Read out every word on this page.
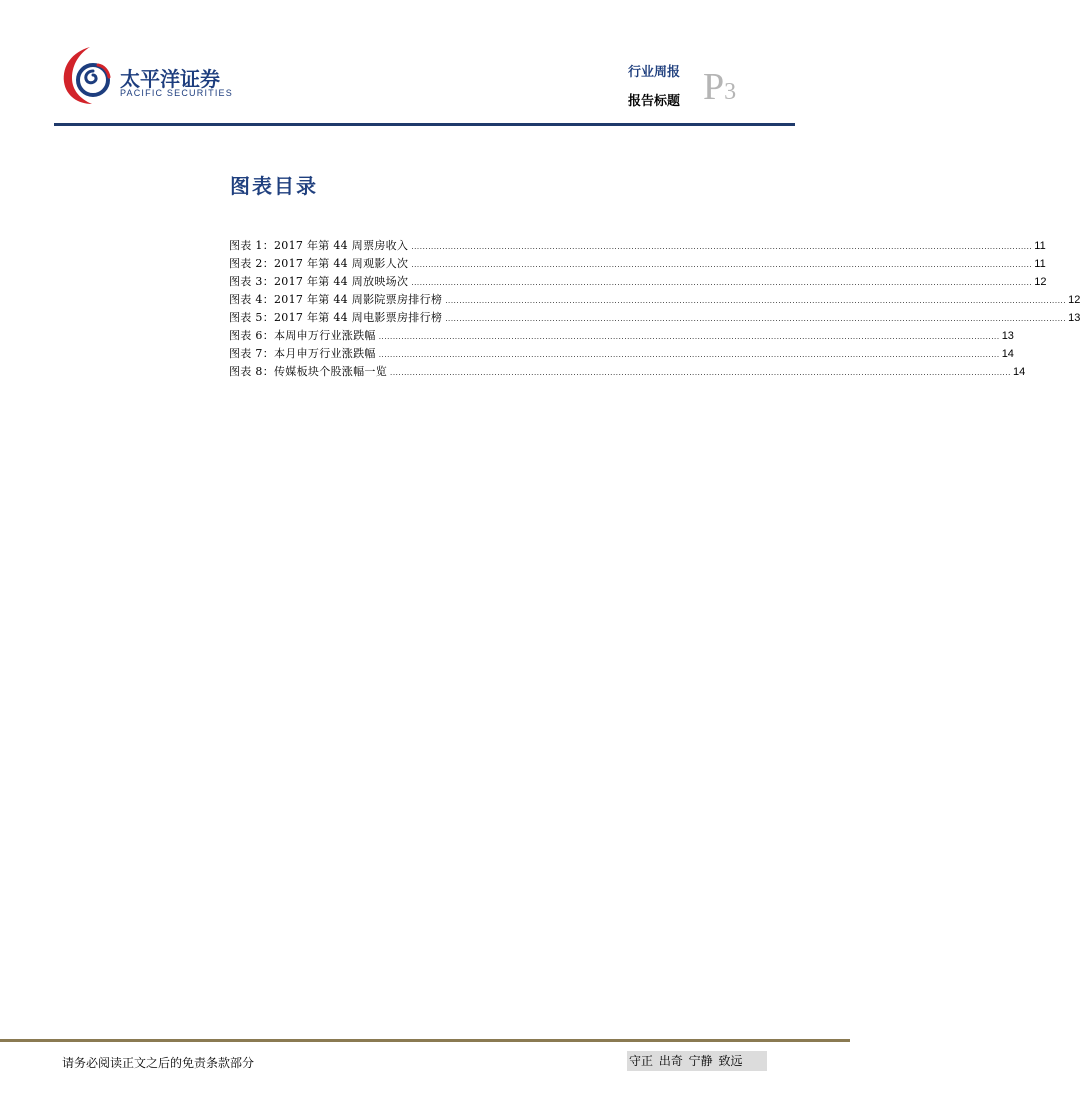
太平洋证券
PACIFIC SECURITIES
行业周报
报告标题 P3
图表目录
图表 1：2017 年第 44 周票房收入 ............................................................................................................................................................................................................................ 11
图表 2：2017 年第 44 周观影人次 ............................................................................................................................................................................................................................ 11
图表 3：2017 年第 44 周放映场次 ............................................................................................................................................................................................................................ 12
图表 4：2017 年第 44 周影院票房排行榜 ............................................................................................................................................................................................................................ 12
图表 5：2017 年第 44 周电影票房排行榜 ............................................................................................................................................................................................................................ 13
图表 6：本周申万行业涨跌幅 ............................................................................................................................................................................................................................ 13
图表 7：本月申万行业涨跌幅 ............................................................................................................................................................................................................................ 14
图表 8：传媒板块个股涨幅一览 ............................................................................................................................................................................................................................ 14
请务必阅读正文之后的免责条款部分	守正 出奇 宁静 致远
